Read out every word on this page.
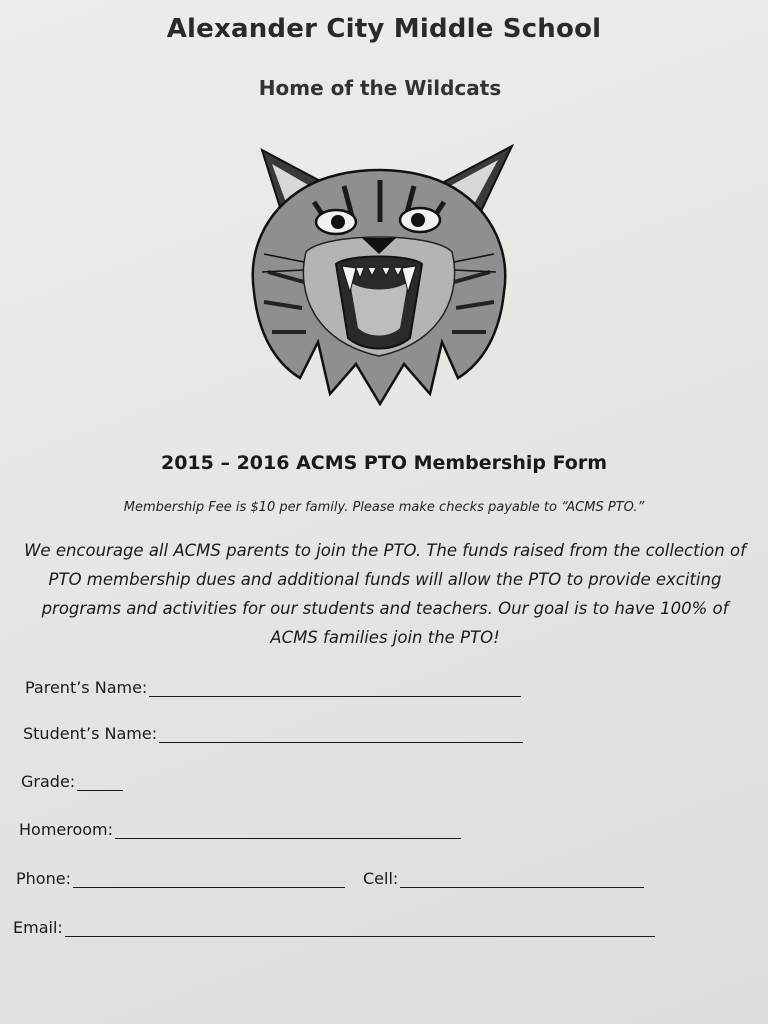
Alexander City Middle School
Home of the Wildcats
2015 – 2016 ACMS PTO Membership Form
Membership Fee is $10 per family. Please make checks payable to “ACMS PTO.”
We encourage all ACMS parents to join the PTO. The funds raised from the collection of PTO membership dues and additional funds will allow the PTO to provide exciting programs and activities for our students and teachers. Our goal is to have 100% of ACMS families join the PTO!
Parent’s Name:
Student’s Name:
Grade:
Homeroom:
Phone:	Cell:
Email:
